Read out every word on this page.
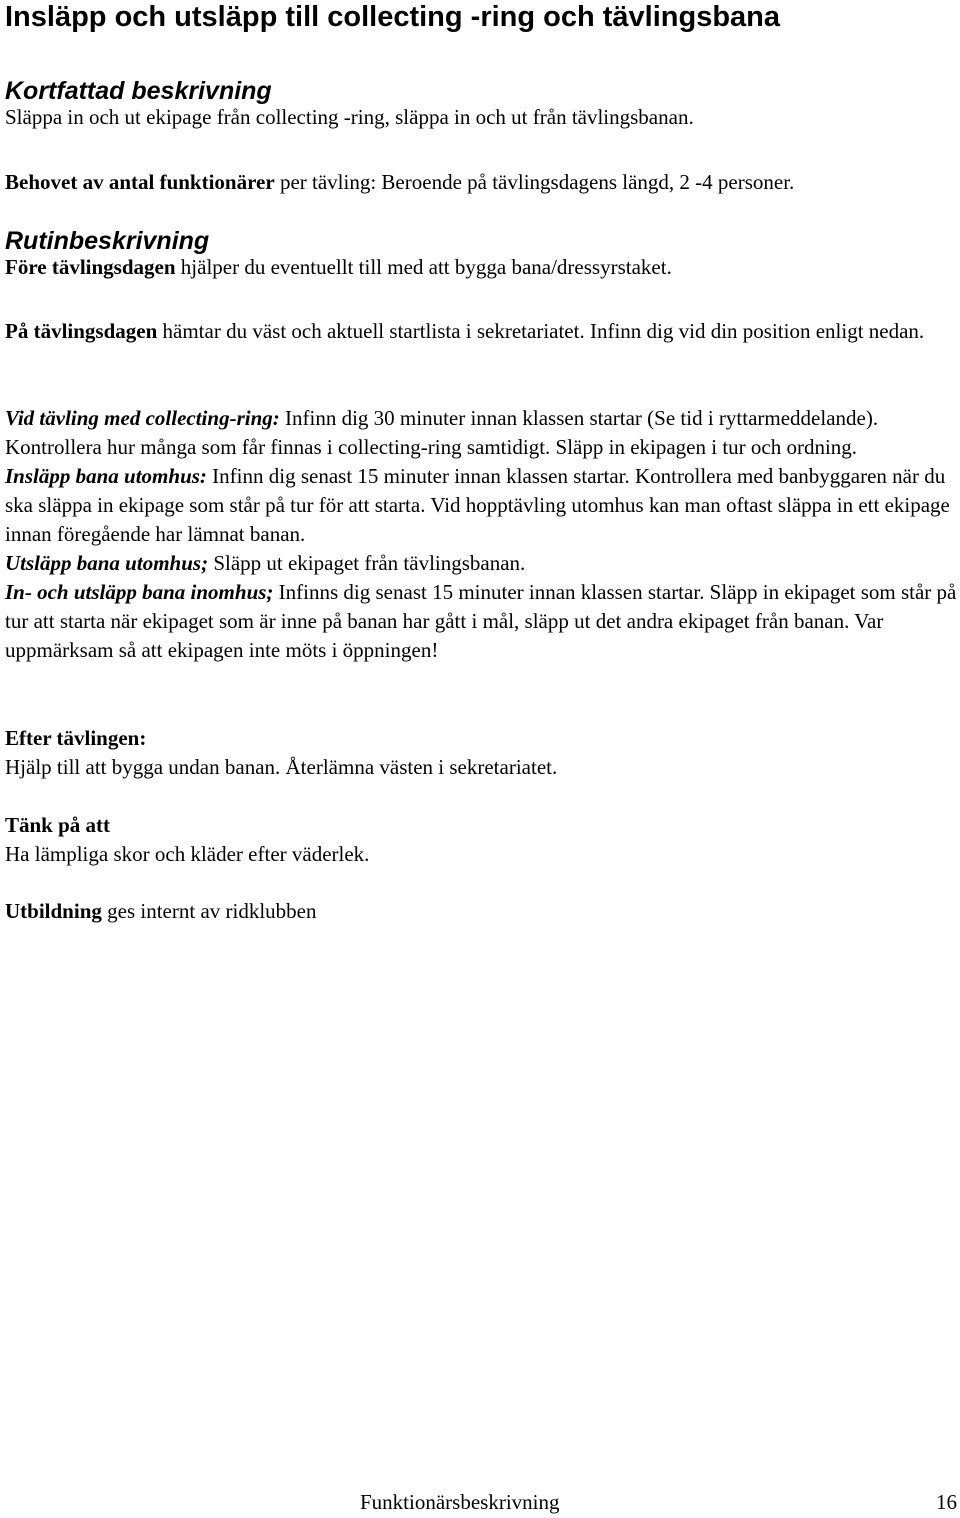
Insläpp och utsläpp till collecting -ring och tävlingsbana
Kortfattad beskrivning

Släppa in och ut ekipage från collecting -ring, släppa in och ut från tävlingsbanan.

Behovet av antal funktionärer per tävling: Beroende på tävlingsdagens längd, 2 -4 personer.

Rutinbeskrivning

Före tävlingsdagen hjälper du eventuellt till med att bygga bana/dressyrstaket.

På tävlingsdagen hämtar du väst och aktuell startlista i sekretariatet. Infinn dig vid din position enligt nedan.

Vid tävling med collecting-ring: Infinn dig 30 minuter innan klassen startar (Se tid i ryttarmeddelande). Kontrollera hur många som får finnas i collecting-ring samtidigt. Släpp in ekipagen i tur och ordning.

Insläpp bana utomhus: Infinn dig senast 15 minuter innan klassen startar. Kontrollera med banbyggaren när du ska släppa in ekipage som står på tur för att starta. Vid hopptävling utomhus kan man oftast släppa in ett ekipage innan föregående har lämnat banan.

Utsläpp bana utomhus; Släpp ut ekipaget från tävlingsbanan.

In- och utsläpp bana inomhus; Infinns dig senast 15 minuter innan klassen startar. Släpp in ekipaget som står på tur att starta när ekipaget som är inne på banan har gått i mål, släpp ut det andra ekipaget från banan. Var uppmärksam så att ekipagen inte möts i öppningen!

Efter tävlingen:

Hjälp till att bygga undan banan. Återlämna västen i sekretariatet.

Tänk på att

Ha lämpliga skor och kläder efter väderlek.

Utbildning ges internt av ridklubben

Funktionärsbeskrivning	16
